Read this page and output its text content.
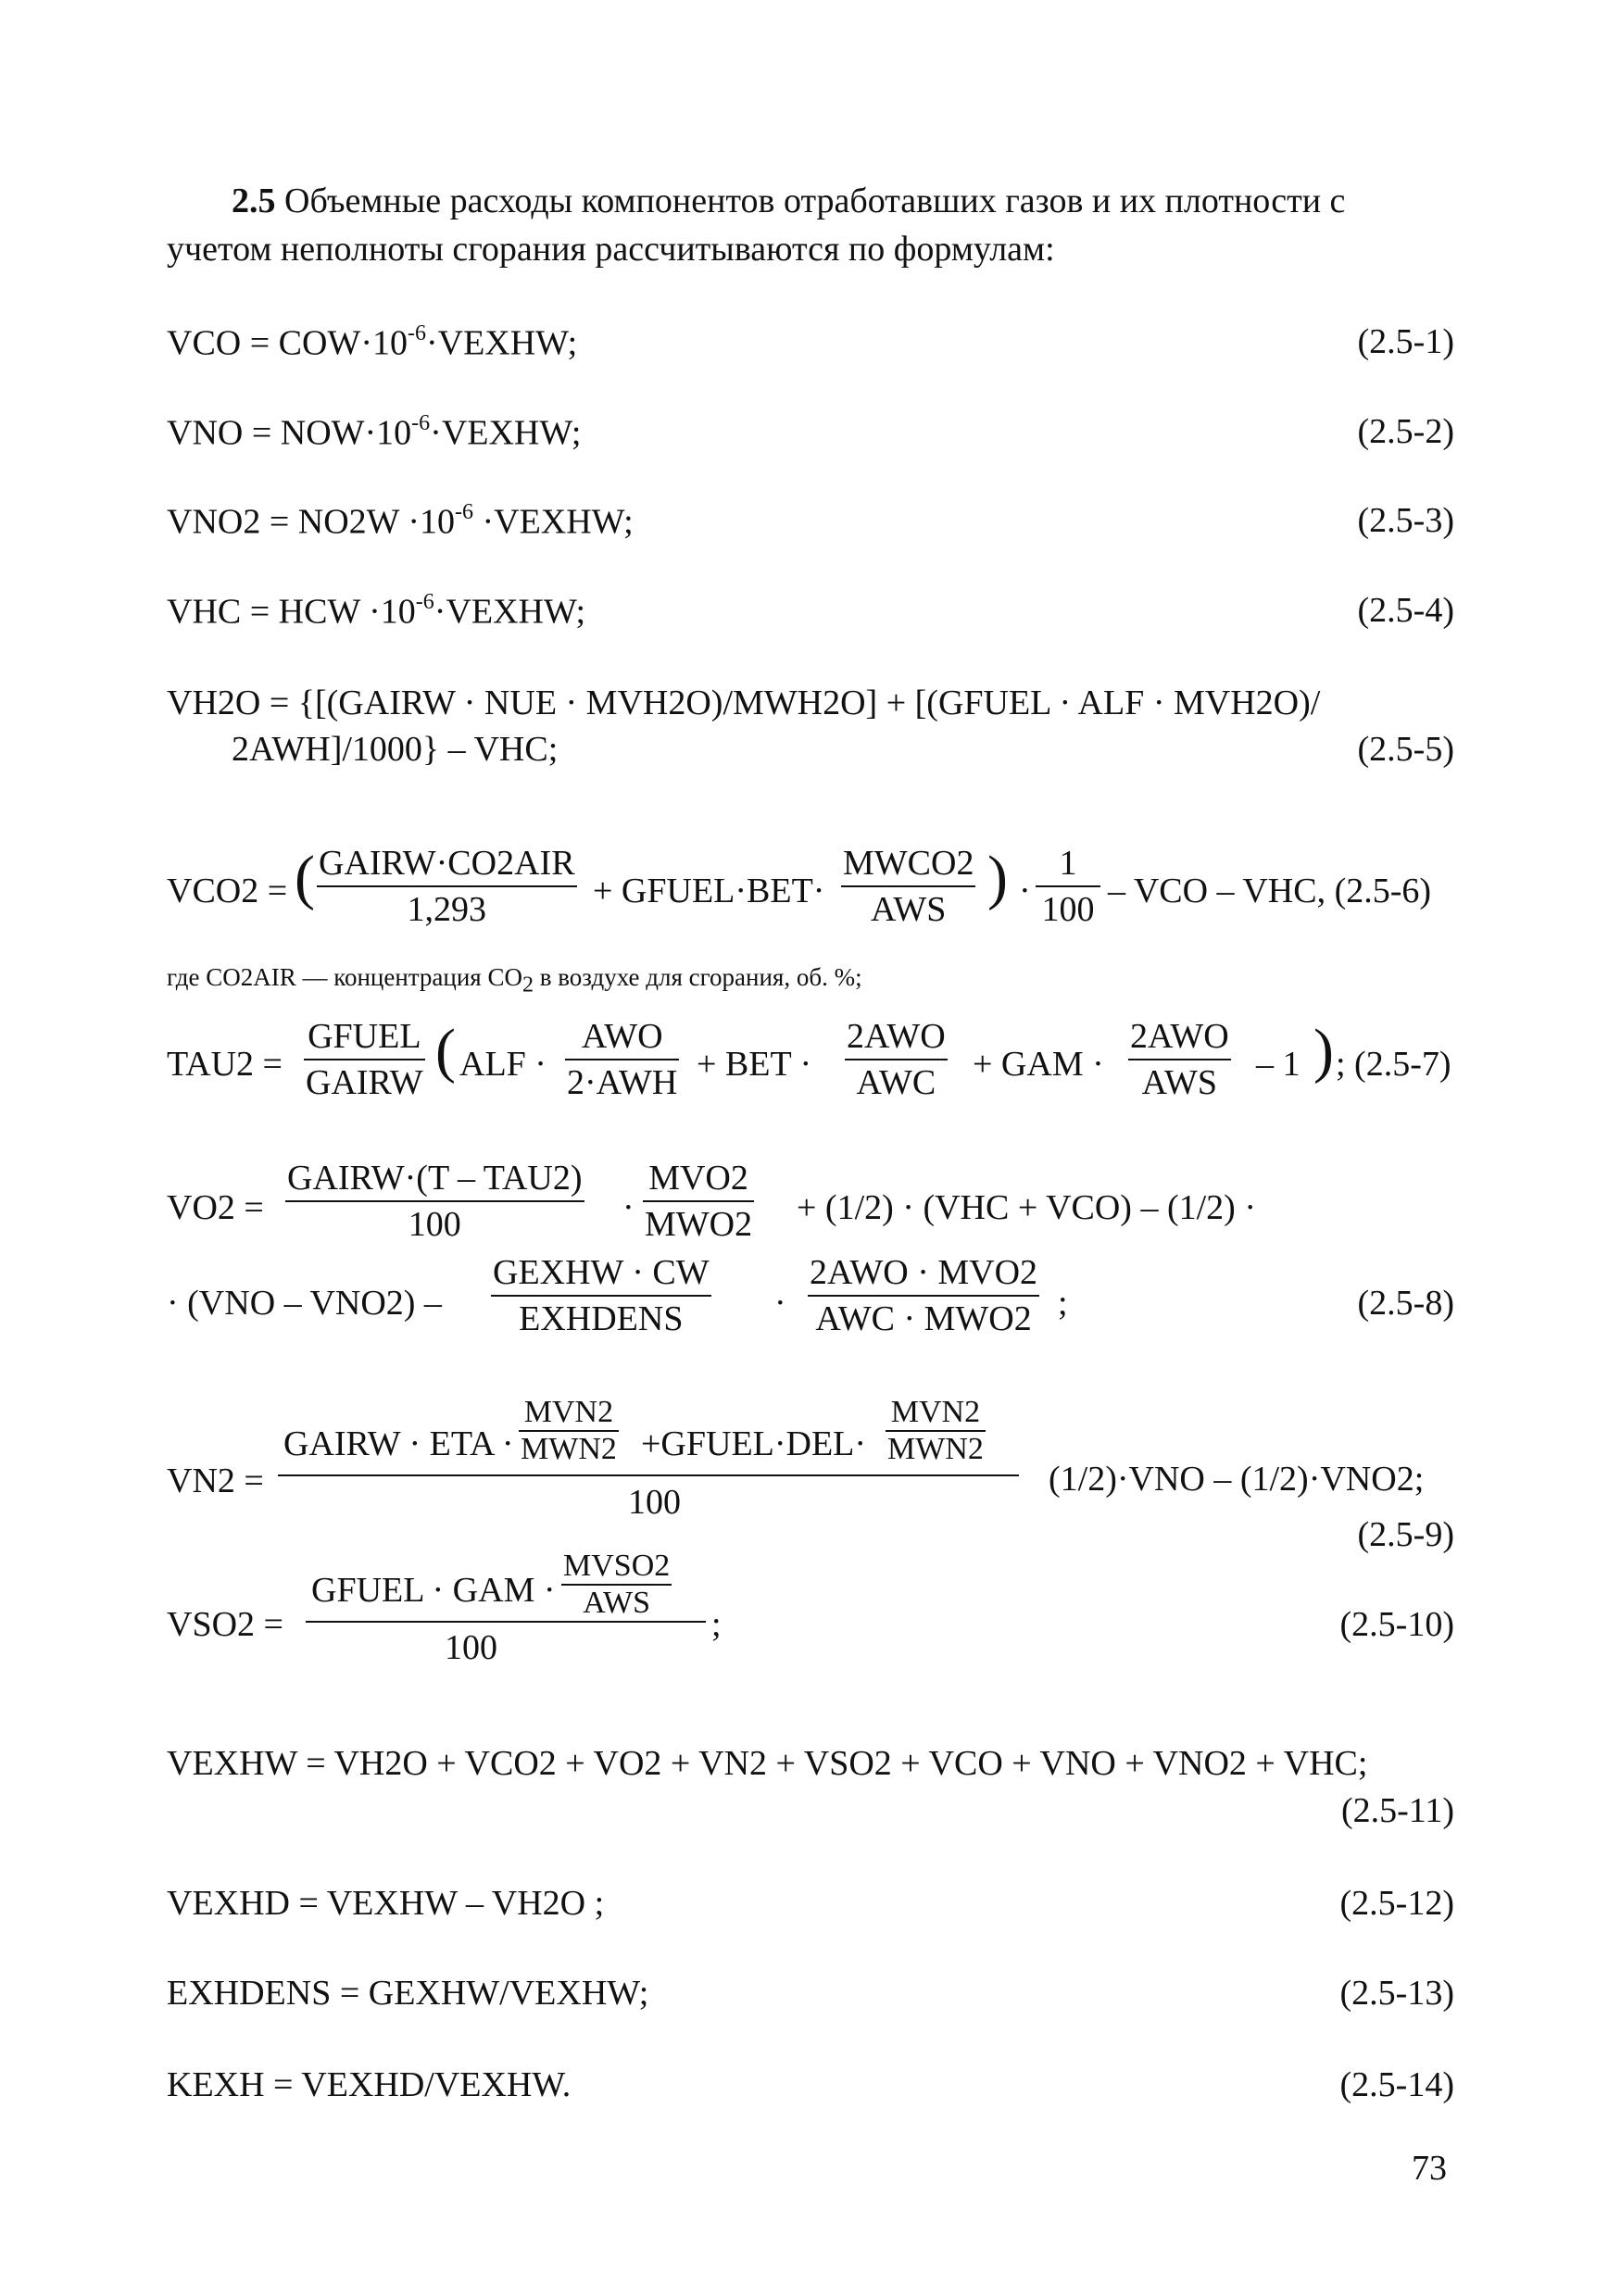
2.5 Объемные расходы компонентов отработавших газов и их плотности с
учетом неполноты сгорания рассчитываются по формулам:
VCO = $COW\cdot 10^{-6}\cdot VEXHW$;	(2.5-1)
VNO = $NOW\cdot 10^{-6}\cdot VEXHW$;	(2.5-2)
$VNO2 = NO2W \cdot 10^{-6}$ ·VEXHW;	(2.5-3)
VHC = HCW $\cdot 10^{-6}\cdot VEXHW$;	(2.5-4)
VH2O = {[(GAIRW · NUE · MVH2O)/MWH2O] + [(GFUEL · ALF · MVH2O)/
2AWH]/1000} – VHC;	(2.5-5)
VCO2 = ( GAIRW·CO2AIR
1,293	+ GFUEL·BET·
MWCO2
AWS ) · $\frac{1}{100}$ – VCO – VHC, (2.5-6)
где CO2AIR — концентрация CO2 в воздухе для сгорания, об. %;
TAU2 =
GFUEL
GAIRW ( ALF ·
AWO
2·AWH + BET ·
2AWO
AWC	+ GAM ·
2AWO
AWS	– 1 ) ; (2.5-7)
VO2 =
GAIRW·(T – TAU2)
100	·
MVO2
MWO2 + (1/2) · (VHC + VCO) – (1/2) ·
· (VNO – VNO2) –
GEXHW · CW
EXHDENS	·
2AWO · MVO2
AWC · MWO2 ;	(2.5-8)
VN2 =
GAIRW · ETA ·
MVN2
MWN2 +GFUEL·DEL·
MVN2
MWN2
100
(1/2)·VNO – (1/2)·VNO2;
(2.5-9)
VSO2 =
GFUEL · GAM ·
MVSO2
AWS
100
;	(2.5-10)
VEXHW = VH2O + VCO2 + VO2 + VN2 + VSO2 + VCO + VNO + VNO2 + VHC;
(2.5-11)
VEXHD = VEXHW – VH2O ;	(2.5-12)
EXHDENS = GEXHW/VEXHW;	(2.5-13)
KEXH = VEXHD/VEXHW.	(2.5-14)
73
